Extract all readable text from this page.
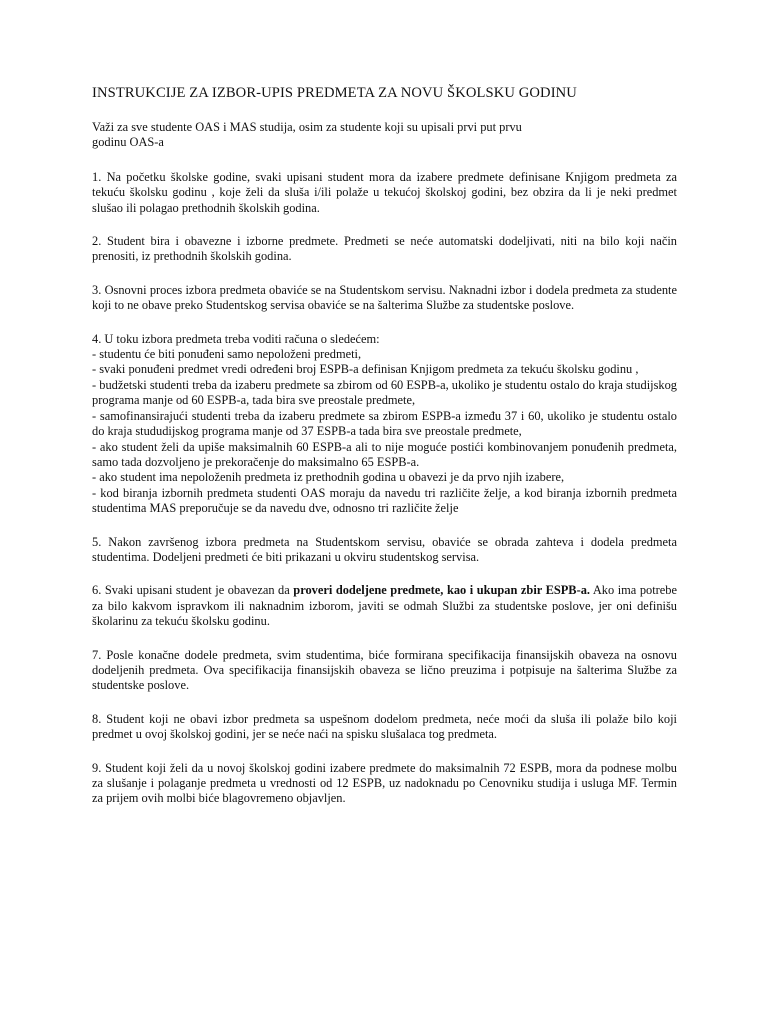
INSTRUKCIJE ZA IZBOR-UPIS PREDMETA ZA NOVU ŠKOLSKU GODINU

Važi za sve studente OAS i MAS studija, osim za studente koji su upisali prvi put prvu
godinu OAS-a

1. Na početku školske godine, svaki upisani student mora da izabere predmete definisane Knjigom predmeta za tekuću školsku godinu , koje želi da sluša i/ili polaže u tekućoj školskoj godini, bez obzira da li je neki predmet slušao ili polagao prethodnih školskih godina.

2. Student bira i obavezne i izborne predmete. Predmeti se neće automatski dodeljivati, niti na bilo koji način prenositi, iz prethodnih školskih godina.

3. Osnovni proces izbora predmeta obaviće se na Studentskom servisu. Naknadni izbor i dodela predmeta za studente koji to ne obave preko Studentskog servisa obaviće se na šalterima Službe za studentske poslove.

4. U toku izbora predmeta treba voditi računa o sledećem:
- studentu će biti ponuđeni samo nepoloženi predmeti,
- svaki ponuđeni predmet vredi određeni broj ESPB-a definisan Knjigom predmeta za tekuću školsku godinu ,
- budžetski studenti treba da izaberu predmete sa zbirom od 60 ESPB-a, ukoliko je studentu ostalo do kraja studijskog programa manje od 60 ESPB-a, tada bira sve preostale predmete,
- samofinansirajući studenti treba da izaberu predmete sa zbirom ESPB-a između 37 i 60, ukoliko je studentu ostalo do kraja stududijskog programa manje od 37 ESPB-a tada bira sve preostale predmete,
- ako student želi da upiše maksimalnih 60 ESPB-a ali to nije moguće postići kombinovanjem ponuđenih predmeta, samo tada dozvoljeno je prekoračenje do maksimalno 65 ESPB-a.
- ako student ima nepoloženih predmeta iz prethodnih godina u obavezi je da prvo njih izabere,
- kod biranja izbornih predmeta studenti OAS moraju da navedu tri različite želje, a kod biranja izbornih predmeta studentima MAS preporučuje se da navedu dve, odnosno tri različite želje

5. Nakon završenog izbora predmeta na Studentskom servisu, obaviće se obrada zahteva i dodela predmeta studentima. Dodeljeni predmeti će biti prikazani u okviru studentskog servisa.

6. Svaki upisani student je obavezan da proveri dodeljene predmete, kao i ukupan zbir ESPB-a. Ako ima potrebe za bilo kakvom ispravkom ili naknadnim izborom, javiti se odmah Službi za studentske poslove, jer oni definišu školarinu za tekuću školsku godinu.

7. Posle konačne dodele predmeta, svim studentima, biće formirana specifikacija finansijskih obaveza na osnovu dodeljenih predmeta. Ova specifikacija finansijskih obaveza se lično preuzima i potpisuje na šalterima Službe za studentske poslove.

8. Student koji ne obavi izbor predmeta sa uspešnom dodelom predmeta, neće moći da sluša ili polaže bilo koji predmet u ovoj školskoj godini, jer se neće naći na spisku slušalaca tog predmeta.

9. Student koji želi da u novoj školskoj godini izabere predmete do maksimalnih 72 ESPB, mora da podnese molbu za slušanje i polaganje predmeta u vrednosti od 12 ESPB, uz nadoknadu po Cenovniku studija i usluga MF. Termin za prijem ovih molbi biće blagovremeno objavljen.
